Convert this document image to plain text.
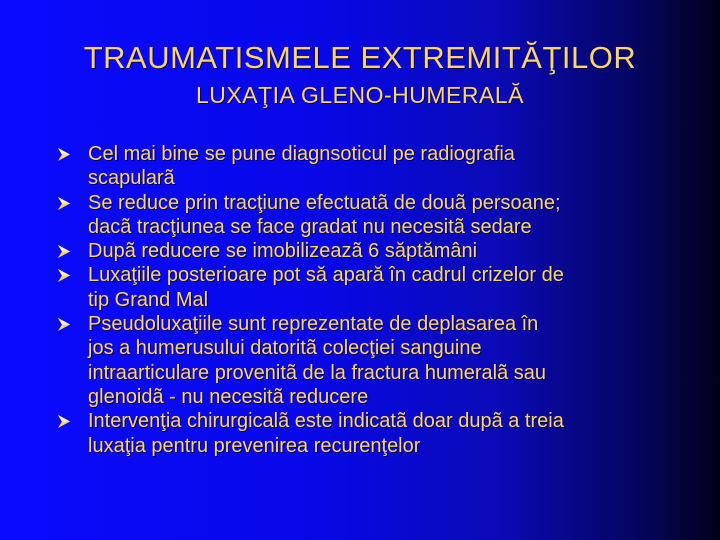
TRAUMATISMELE EXTREMITĂŢILOR
LUXAŢIA GLENO-HUMERALĂ
Cel mai bine se pune diagnsoticul pe radiografia
scapularã
Se reduce prin tracţiune efectuatã de douã persoane;
dacã tracţiunea se face gradat nu necesitã sedare
Dupã reducere se imobilizeazã 6 săptămâni
Luxaţiile posterioare pot să apară în cadrul crizelor de
tip Grand Mal
Pseudoluxaţiile sunt reprezentate de deplasarea în
jos a humerusului datoritã colecţiei sanguine
intraarticulare provenitã de la fractura humeralã sau
glenoidã - nu necesitã reducere
Intervenţia chirurgicalã este indicatã doar dupã a treia
luxaţia pentru prevenirea recurenţelor
